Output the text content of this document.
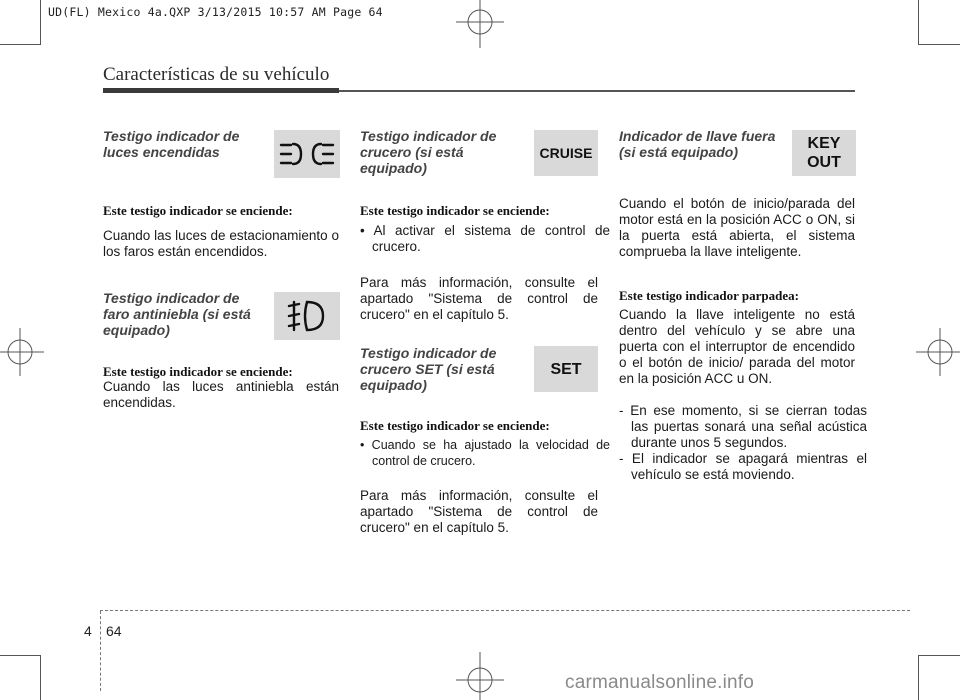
UD(FL) Mexico 4a.QXP 3/13/2015 10:57 AM Page 64
Características de su vehículo
Testigo indicador de
luces encendidas
Este testigo indicador se enciende:
Cuando las luces de estacionamiento o los faros están encendidos.
Testigo indicador de
faro antiniebla (si está
equipado)
Este testigo indicador se enciende:
Cuando las luces antiniebla están encendidas.
Testigo indicador de
crucero (si está
equipado)
CRUISE
Este testigo indicador se enciende:
• Al activar el sistema de control de crucero.
Para más información, consulte el apartado "Sistema de control de crucero" en el capítulo 5.
Testigo indicador de
crucero SET (si está
equipado)
SET
Este testigo indicador se enciende:
• Cuando se ha ajustado la velocidad de control de crucero.
Para más información, consulte el apartado "Sistema de control de crucero" en el capítulo 5.
Indicador de llave fuera
(si está equipado)	KEY
OUT
Cuando el botón de inicio/parada del motor está en la posición ACC o ON, si la puerta está abierta, el sistema comprueba la llave inteligente.
Este testigo indicador parpadea:
Cuando la llave inteligente no está dentro del vehículo y se abre una puerta con el interruptor de encendido o el botón de inicio/ parada del motor en la posición ACC u ON.
- En ese momento, si se cierran todas las puertas sonará una señal acústica durante unos 5 segundos.
- El indicador se apagará mientras el vehículo se está moviendo.
4 64
carmanualsonline.info
